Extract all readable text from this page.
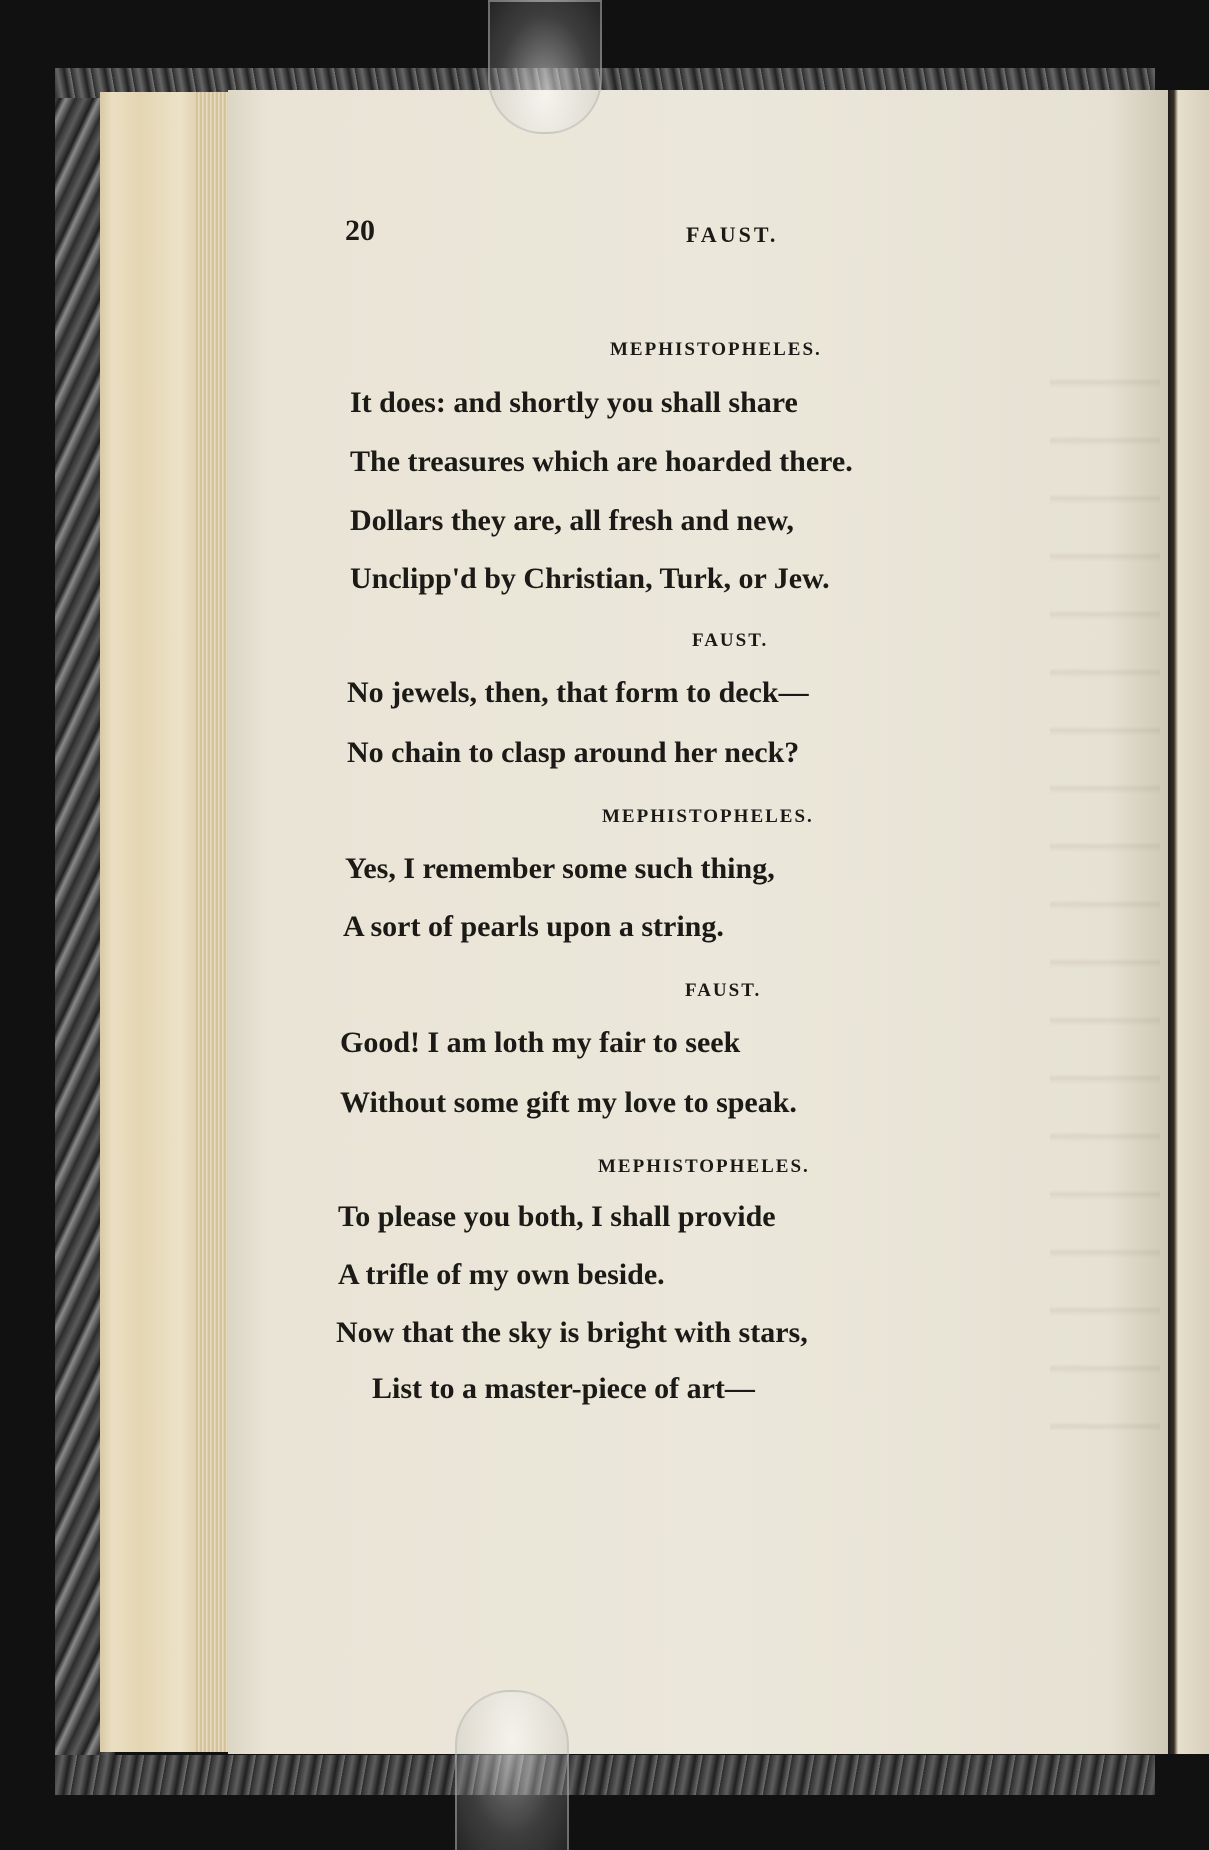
20	FAUST.
MEPHISTOPHELES.
It does: and shortly you shall share
The treasures which are hoarded there.
Dollars they are, all fresh and new,
Unclipp'd by Christian, Turk, or Jew.
FAUST.
No jewels, then, that form to deck—
No chain to clasp around her neck?
MEPHISTOPHELES.
Yes, I remember some such thing,
A sort of pearls upon a string.
FAUST.
Good! I am loth my fair to seek
Without some gift my love to speak.
MEPHISTOPHELES.
To please you both, I shall provide
A trifle of my own beside.
Now that the sky is bright with stars,
List to a master-piece of art—
